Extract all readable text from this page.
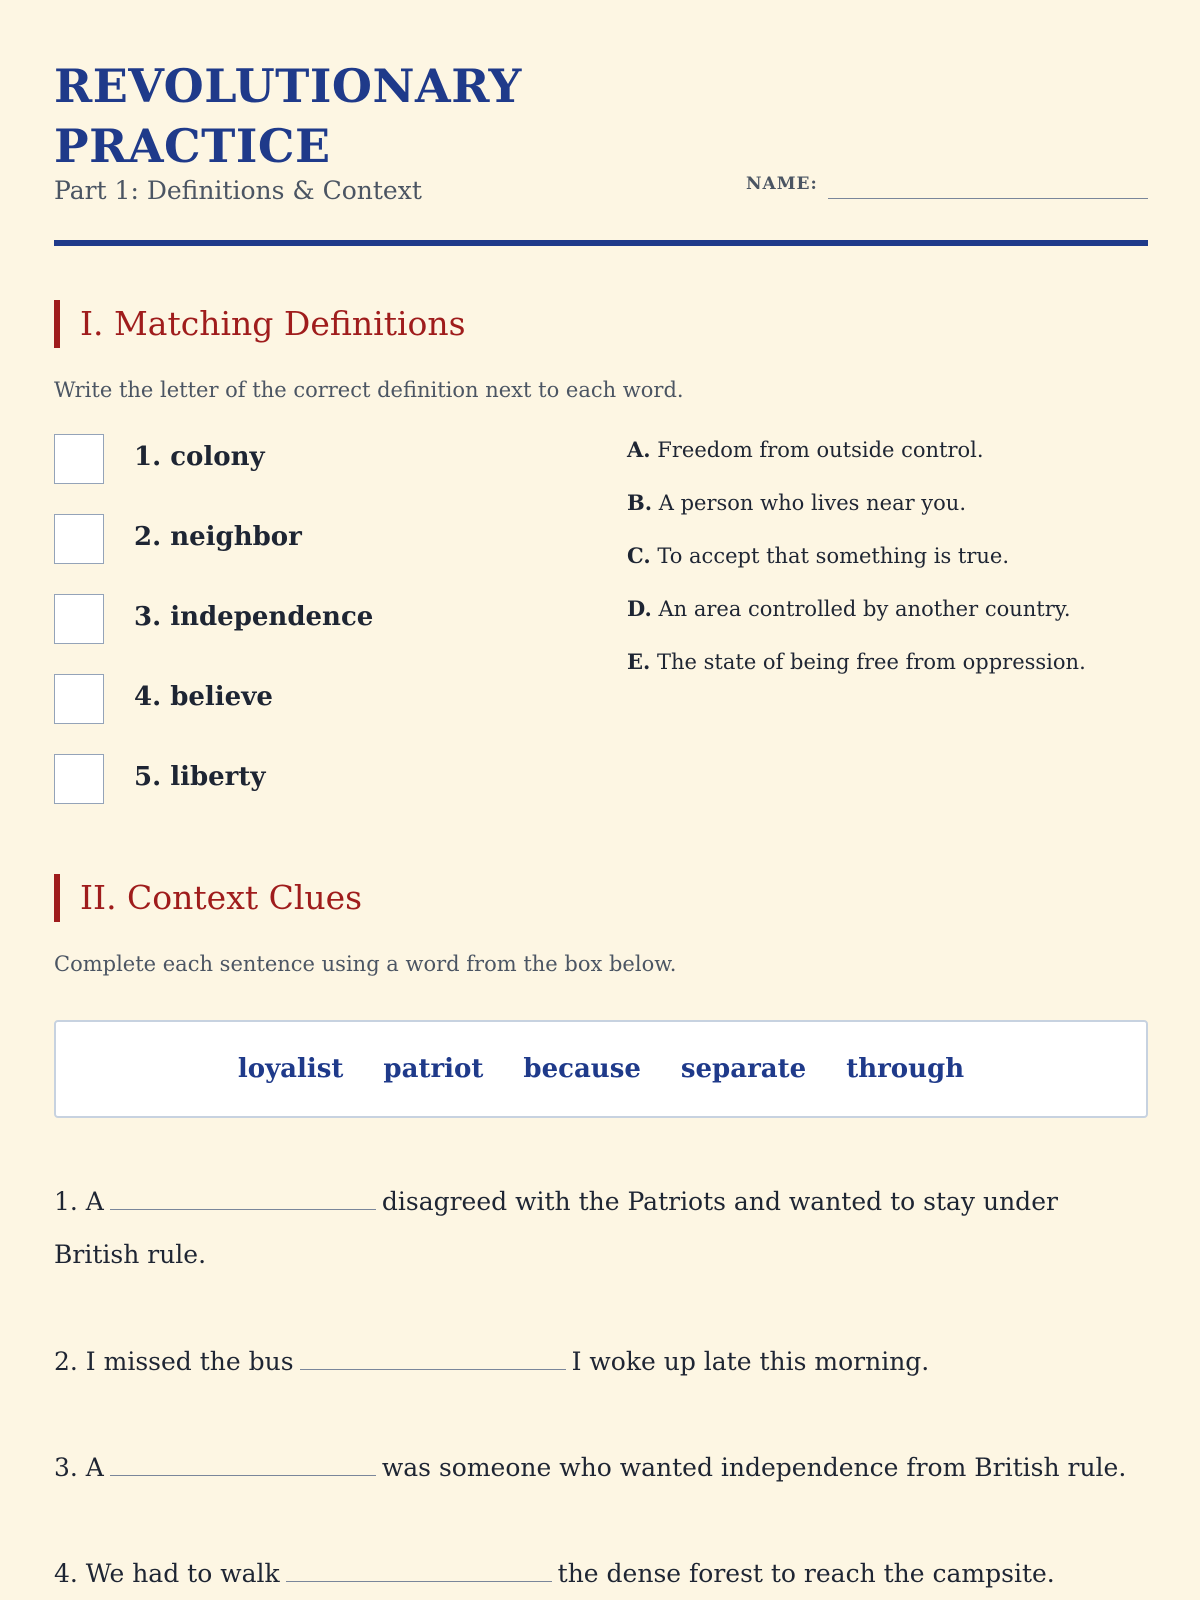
REVOLUTIONARY
PRACTICE
Part 1: Definitions & Context	NAME:
I. Matching Definitions

Write the letter of the correct definition next to each word.

1. colony
2. neighbor
3. independence
4. believe
5. liberty
A. Freedom from outside control.
B. A person who lives near you.
C. To accept that something is true.
D. An area controlled by another country.
E. The state of being free from oppression.
II. Context Clues

Complete each sentence using a word from the box below.

loyalist patriot because separate through

1. A	disagreed with the Patriots and wanted to stay under British rule.

2. I missed the bus	I woke up late this morning.

3. A	was someone who wanted independence from British rule.

4. We had to walk	the dense forest to reach the campsite.
